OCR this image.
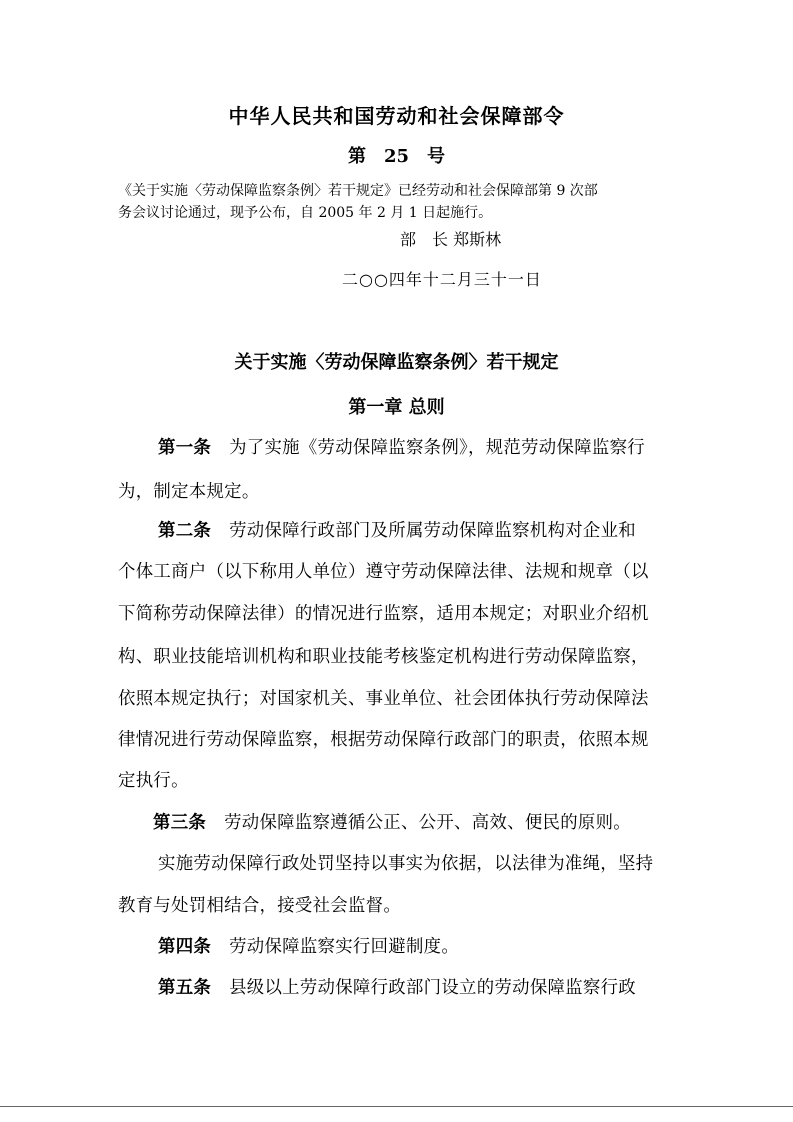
中华人民共和国劳动和社会保障部令
第　25　号
《关于实施〈劳动保障监察条例〉若干规定》已经劳动和社会保障部第 9 次部
务会议讨论通过，现予公布，自 2005 年 2 月 1 日起施行。
部　长 郑斯林
二○○四年十二月三十一日
关于实施〈劳动保障监察条例〉若干规定
第一章 总则
第一条 为了实施《劳动保障监察条例》，规范劳动保障监察行
为，制定本规定。
第二条 劳动保障行政部门及所属劳动保障监察机构对企业和
个体工商户（以下称用人单位）遵守劳动保障法律、法规和规章（以
下简称劳动保障法律）的情况进行监察，适用本规定；对职业介绍机
构、职业技能培训机构和职业技能考核鉴定机构进行劳动保障监察，
依照本规定执行；对国家机关、事业单位、社会团体执行劳动保障法
律情况进行劳动保障监察，根据劳动保障行政部门的职责，依照本规
定执行。
第三条 劳动保障监察遵循公正、公开、高效、便民的原则。
实施劳动保障行政处罚坚持以事实为依据，以法律为准绳，坚持
教育与处罚相结合，接受社会监督。
第四条 劳动保障监察实行回避制度。
第五条 县级以上劳动保障行政部门设立的劳动保障监察行政
